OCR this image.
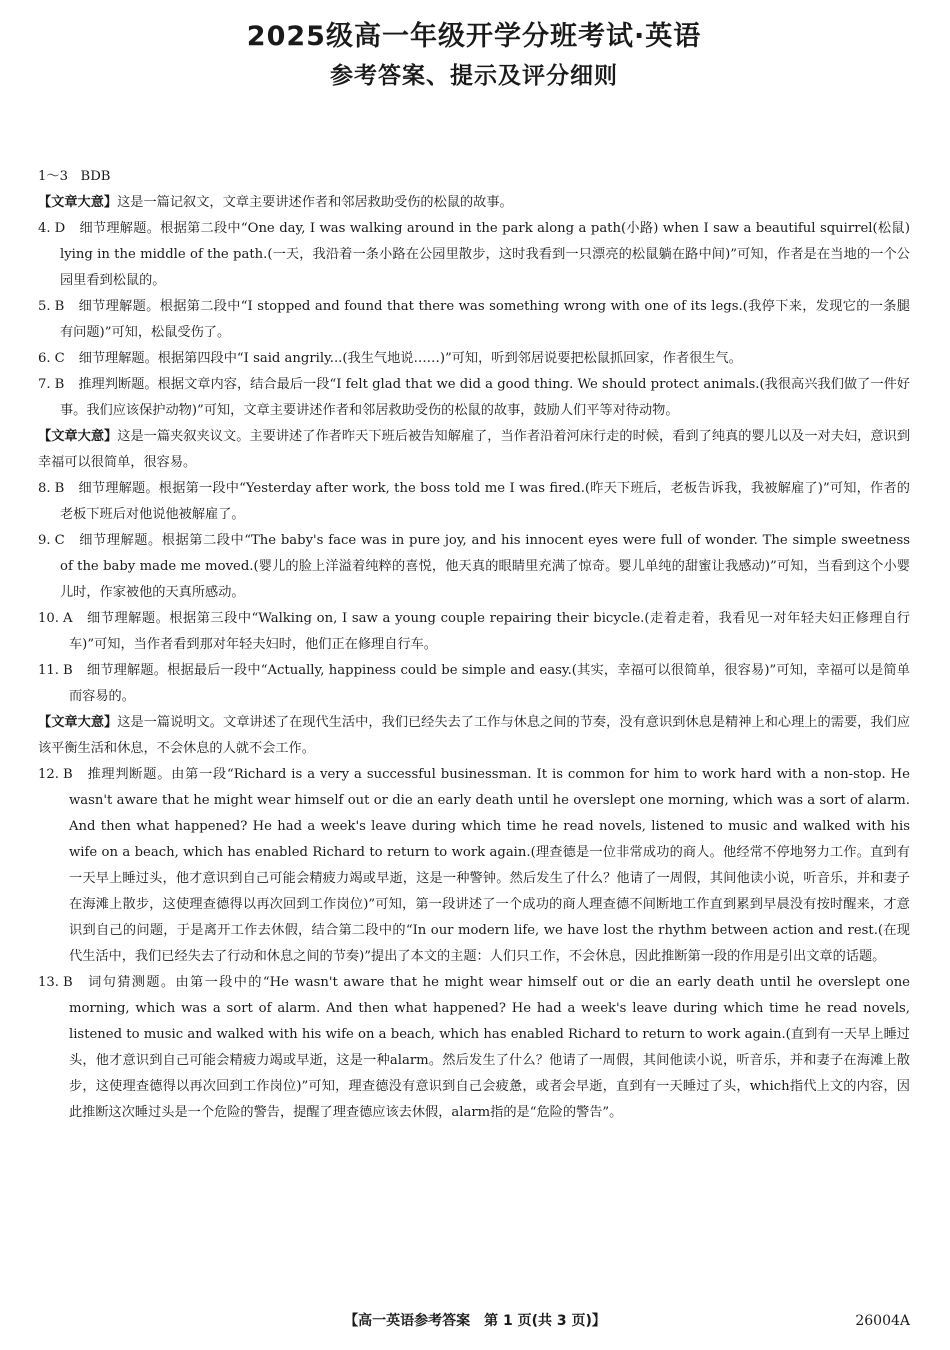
2025级高一年级开学分班考试·英语
参考答案、提示及评分细则

1～3 BDB

【文章大意】这是一篇记叙文，文章主要讲述作者和邻居救助受伤的松鼠的故事。

4. D 细节理解题。根据第二段中“One day, I was walking around in the park along a path(小路) when I saw a beautiful squirrel(松鼠) lying in the middle of the path.(一天，我沿着一条小路在公园里散步，这时我看到一只漂亮的松鼠躺在路中间)”可知，作者是在当地的一个公园里看到松鼠的。

5. B 细节理解题。根据第二段中“I stopped and found that there was something wrong with one of its legs.(我停下来，发现它的一条腿有问题)”可知，松鼠受伤了。

6. C 细节理解题。根据第四段中“I said angrily...(我生气地说……)”可知，听到邻居说要把松鼠抓回家，作者很生气。

7. B 推理判断题。根据文章内容，结合最后一段“I felt glad that we did a good thing. We should protect animals.(我很高兴我们做了一件好事。我们应该保护动物)”可知，文章主要讲述作者和邻居救助受伤的松鼠的故事，鼓励人们平等对待动物。

【文章大意】这是一篇夹叙夹议文。主要讲述了作者昨天下班后被告知解雇了，当作者沿着河床行走的时候，看到了纯真的婴儿以及一对夫妇，意识到幸福可以很简单，很容易。

8. B 细节理解题。根据第一段中“Yesterday after work, the boss told me I was fired.(昨天下班后，老板告诉我，我被解雇了)”可知，作者的老板下班后对他说他被解雇了。

9. C 细节理解题。根据第二段中“The baby's face was in pure joy, and his innocent eyes were full of wonder. The simple sweetness of the baby made me moved.(婴儿的脸上洋溢着纯粹的喜悦，他天真的眼睛里充满了惊奇。婴儿单纯的甜蜜让我感动)”可知，当看到这个小婴儿时，作家被他的天真所感动。

10. A 细节理解题。根据第三段中“Walking on, I saw a young couple repairing their bicycle.(走着走着，我看见一对年轻夫妇正修理自行车)”可知，当作者看到那对年轻夫妇时，他们正在修理自行车。

11. B 细节理解题。根据最后一段中“Actually, happiness could be simple and easy.(其实，幸福可以很简单，很容易)”可知，幸福可以是简单而容易的。

【文章大意】这是一篇说明文。文章讲述了在现代生活中，我们已经失去了工作与休息之间的节奏，没有意识到休息是精神上和心理上的需要，我们应该平衡生活和休息，不会休息的人就不会工作。

12. B 推理判断题。由第一段“Richard is a very a successful businessman. It is common for him to work hard with a non-stop. He wasn't aware that he might wear himself out or die an early death until he overslept one morning, which was a sort of alarm. And then what happened? He had a week's leave during which time he read novels, listened to music and walked with his wife on a beach, which has enabled Richard to return to work again.(理查德是一位非常成功的商人。他经常不停地努力工作。直到有一天早上睡过头，他才意识到自己可能会精疲力竭或早逝，这是一种警钟。然后发生了什么？他请了一周假，其间他读小说，听音乐，并和妻子在海滩上散步，这使理查德得以再次回到工作岗位)”可知，第一段讲述了一个成功的商人理查德不间断地工作直到累到早晨没有按时醒来，才意识到自己的问题，于是离开工作去休假，结合第二段中的“In our modern life, we have lost the rhythm between action and rest.(在现代生活中，我们已经失去了行动和休息之间的节奏)”提出了本文的主题：人们只工作，不会休息，因此推断第一段的作用是引出文章的话题。

13. B 词句猜测题。由第一段中的“He wasn't aware that he might wear himself out or die an early death until he overslept one morning, which was a sort of alarm. And then what happened? He had a week's leave during which time he read novels, listened to music and walked with his wife on a beach, which has enabled Richard to return to work again.(直到有一天早上睡过头，他才意识到自己可能会精疲力竭或早逝，这是一种alarm。然后发生了什么？他请了一周假，其间他读小说，听音乐，并和妻子在海滩上散步，这使理查德得以再次回到工作岗位)”可知，理查德没有意识到自己会疲惫，或者会早逝，直到有一天睡过了头，which指代上文的内容，因此推断这次睡过头是一个危险的警告，提醒了理查德应该去休假，alarm指的是“危险的警告”。

【高一英语参考答案　第 1 页(共 3 页)】	26004A
